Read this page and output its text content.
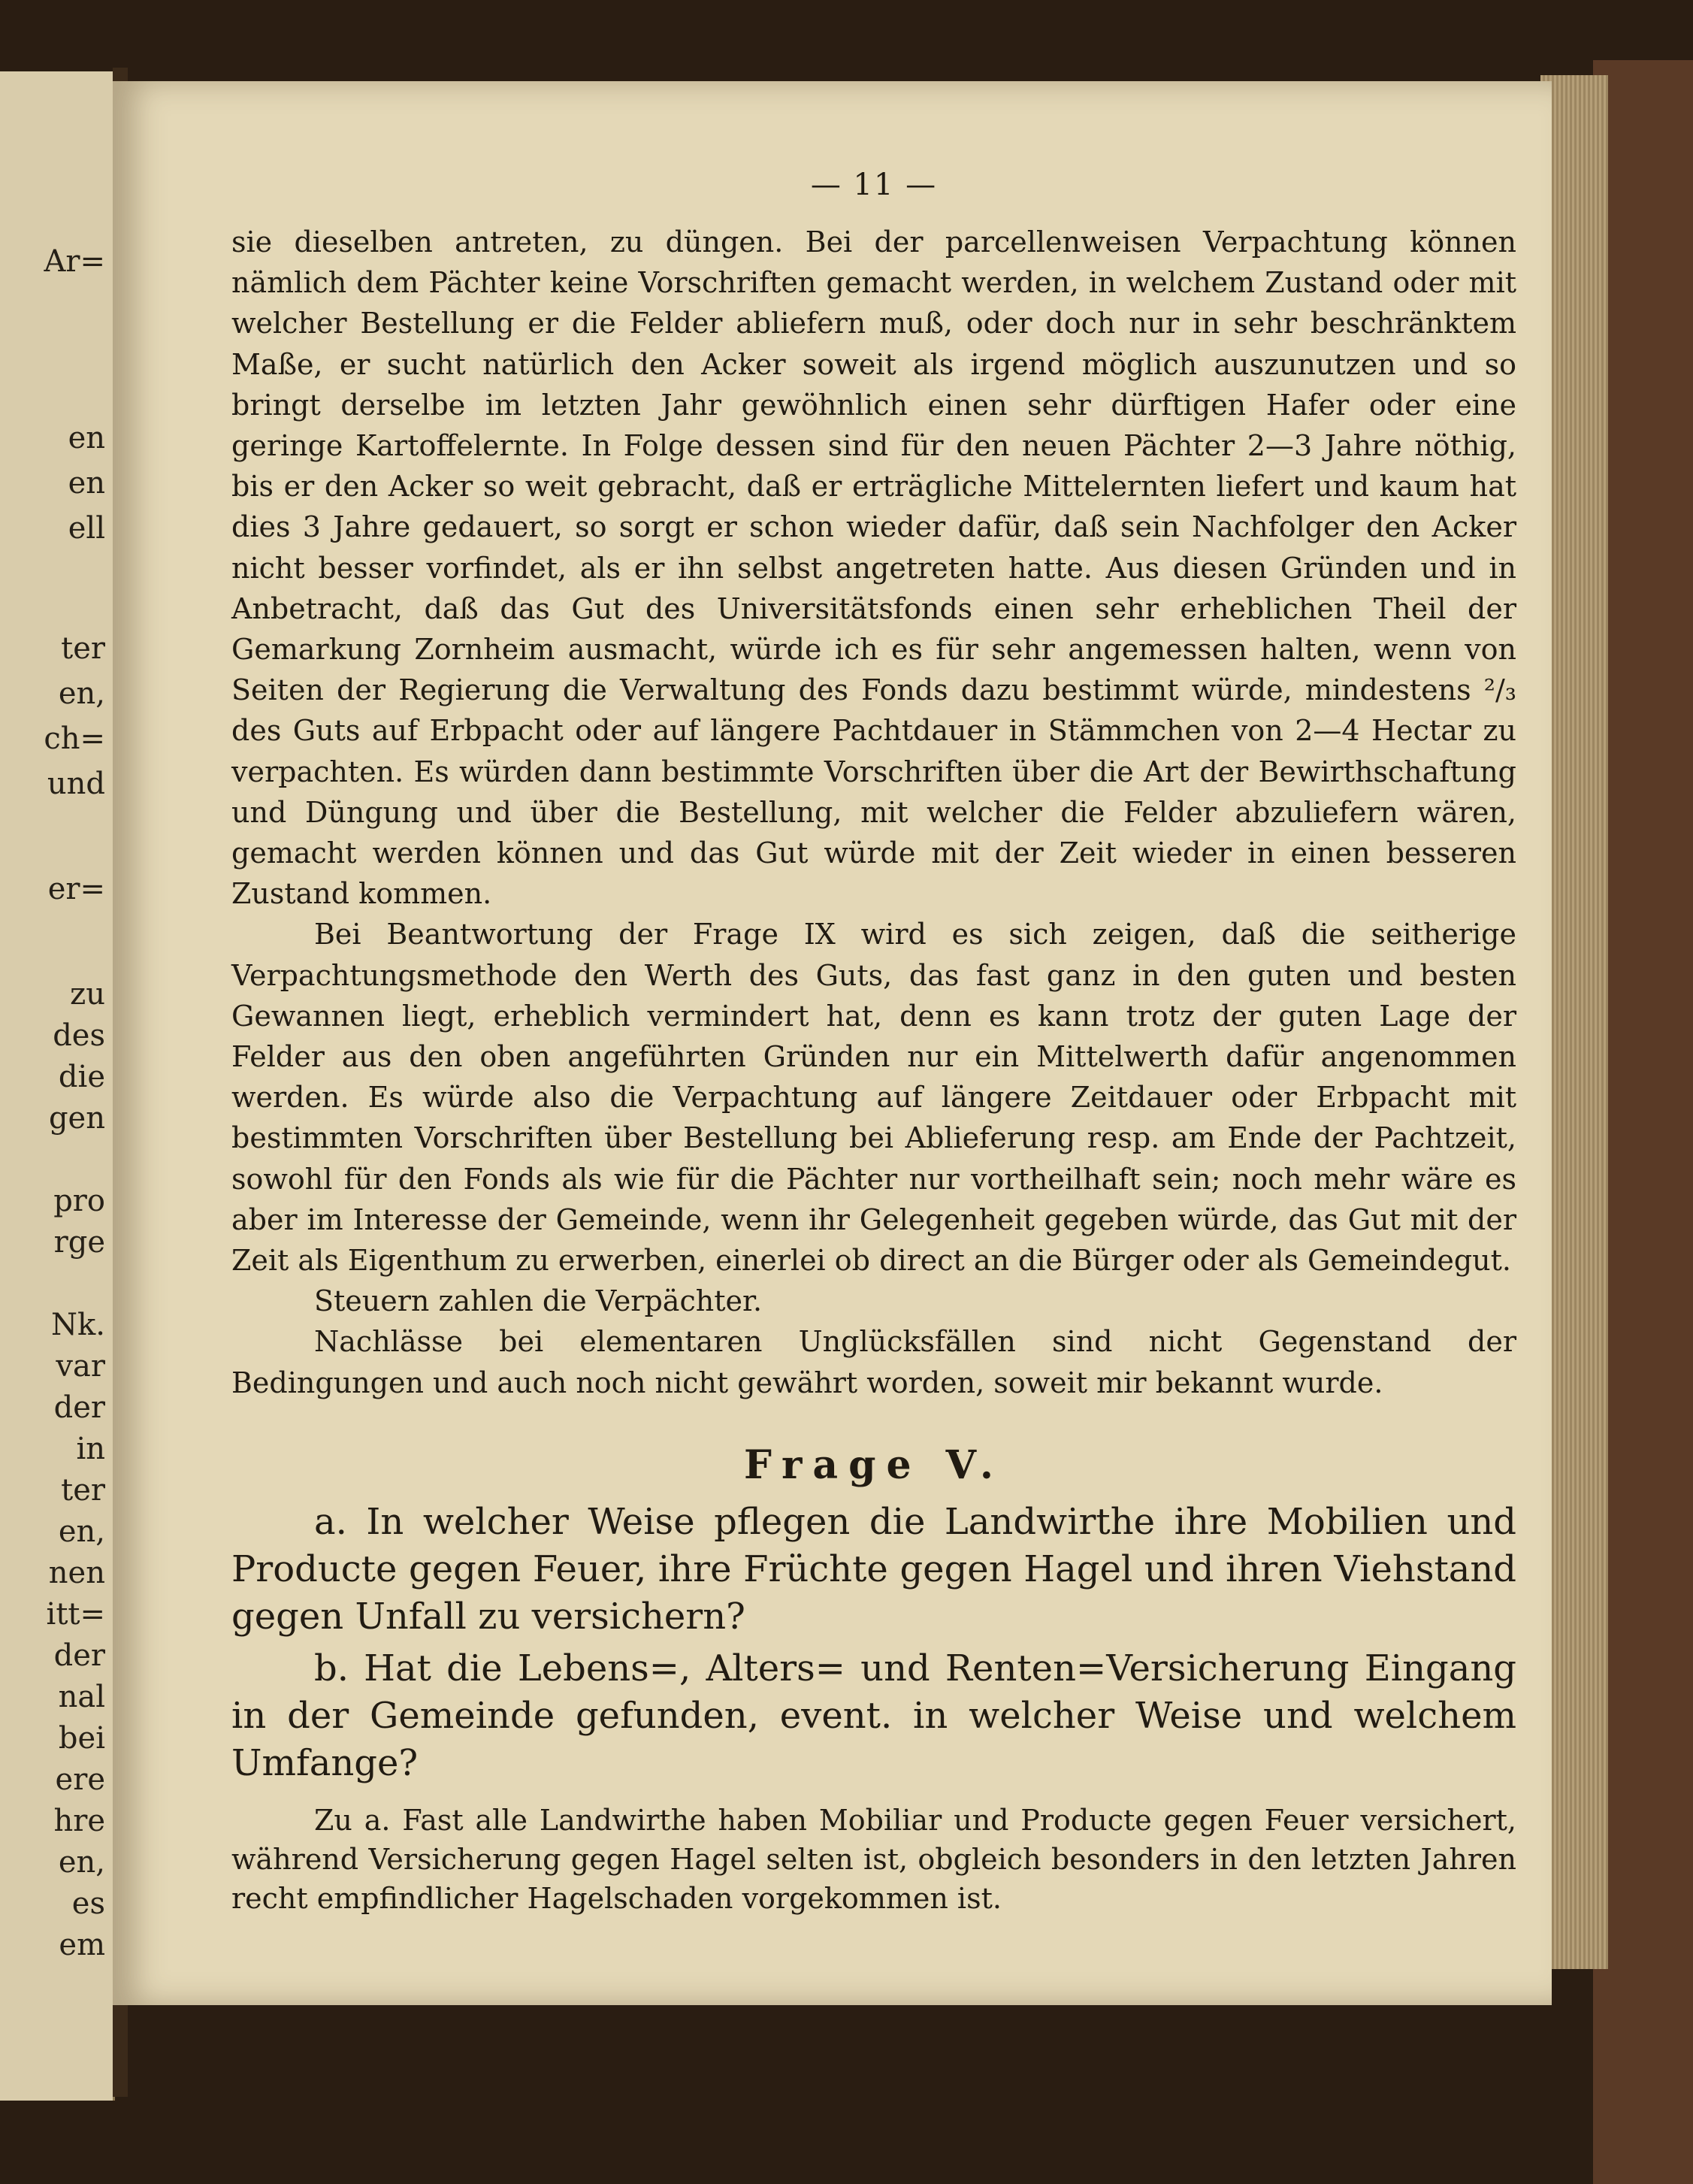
Ar=
en
en
ell
ter
en,
ch=
und
er=
zu
des
die
gen
pro
rge
Nk.
var
der
in
ter
en,
nen
itt=
der
nal
bei
ere
hre
en,
es
em
— 11 —

sie dieselben antreten, zu düngen. Bei der parcellenweisen Verpachtung können nämlich dem Pächter keine Vorschriften gemacht werden, in welchem Zustand oder mit welcher Bestellung er die Felder abliefern muß, oder doch nur in sehr beschränktem Maße, er sucht natürlich den Acker soweit als irgend möglich auszunutzen und so bringt derselbe im letzten Jahr gewöhnlich einen sehr dürftigen Hafer oder eine geringe Kartoffelernte. In Folge dessen sind für den neuen Pächter 2—3 Jahre nöthig, bis er den Acker so weit gebracht, daß er erträgliche Mittelernten liefert und kaum hat dies 3 Jahre gedauert, so sorgt er schon wieder dafür, daß sein Nachfolger den Acker nicht besser vorfindet, als er ihn selbst angetreten hatte. Aus diesen Gründen und in Anbetracht, daß das Gut des Universitätsfonds einen sehr erheblichen Theil der Gemarkung Zornheim ausmacht, würde ich es für sehr angemessen halten, wenn von Seiten der Regierung die Verwaltung des Fonds dazu bestimmt würde, mindestens ²/₃ des Guts auf Erbpacht oder auf längere Pachtdauer in Stämmchen von 2—4 Hectar zu verpachten. Es würden dann bestimmte Vorschriften über die Art der Bewirthschaftung und Düngung und über die Bestellung, mit welcher die Felder abzuliefern wären, gemacht werden können und das Gut würde mit der Zeit wieder in einen besseren Zustand kommen.

Bei Beantwortung der Frage IX wird es sich zeigen, daß die seitherige Verpachtungsmethode den Werth des Guts, das fast ganz in den guten und besten Gewannen liegt, erheblich vermindert hat, denn es kann trotz der guten Lage der Felder aus den oben angeführten Gründen nur ein Mittelwerth dafür angenommen werden. Es würde also die Verpachtung auf längere Zeitdauer oder Erbpacht mit bestimmten Vorschriften über Bestellung bei Ablieferung resp. am Ende der Pachtzeit, sowohl für den Fonds als wie für die Pächter nur vortheilhaft sein; noch mehr wäre es aber im Interesse der Gemeinde, wenn ihr Gelegenheit gegeben würde, das Gut mit der Zeit als Eigenthum zu erwerben, einerlei ob direct an die Bürger oder als Gemeindegut.

Steuern zahlen die Verpächter.

Nachlässe bei elementaren Unglücksfällen sind nicht Gegenstand der Bedingungen und auch noch nicht gewährt worden, soweit mir bekannt wurde.

Frage V.

a. In welcher Weise pflegen die Landwirthe ihre Mobilien und Producte gegen Feuer, ihre Früchte gegen Hagel und ihren Viehstand gegen Unfall zu versichern?

b. Hat die Lebens=, Alters= und Renten=Versicherung Eingang in der Gemeinde gefunden, event. in welcher Weise und welchem Umfange?

Zu a. Fast alle Landwirthe haben Mobiliar und Producte gegen Feuer versichert, während Versicherung gegen Hagel selten ist, obgleich besonders in den letzten Jahren recht empfindlicher Hagelschaden vorgekommen ist.
